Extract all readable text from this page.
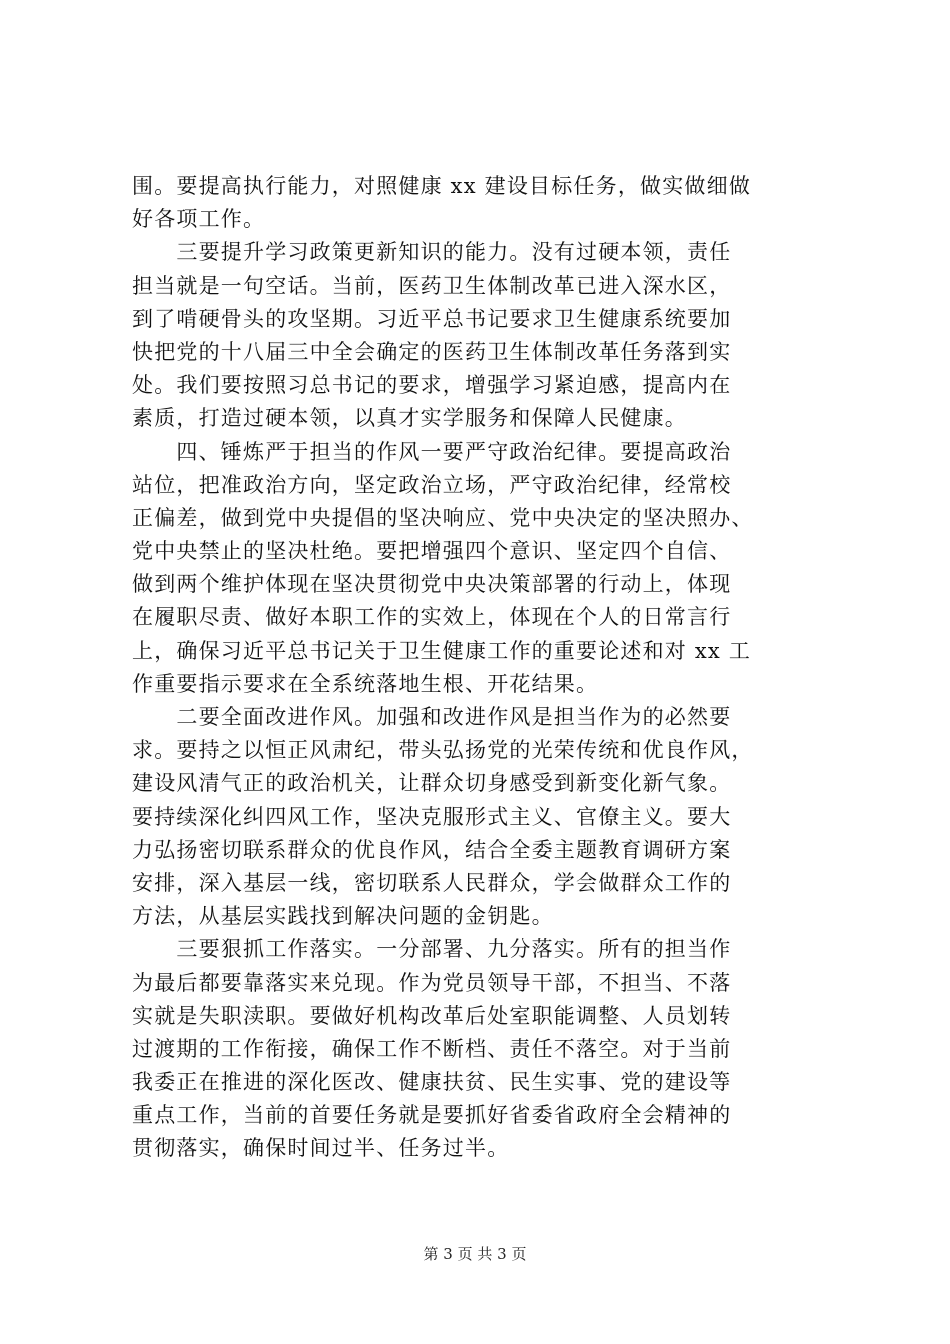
围。要提高执行能力，对照健康 xx 建设目标任务，做实做细做
好各项工作。
　　三要提升学习政策更新知识的能力。没有过硬本领，责任
担当就是一句空话。当前，医药卫生体制改革已进入深水区，
到了啃硬骨头的攻坚期。习近平总书记要求卫生健康系统要加
快把党的十八届三中全会确定的医药卫生体制改革任务落到实
处。我们要按照习总书记的要求，增强学习紧迫感，提高内在
素质，打造过硬本领，以真才实学服务和保障人民健康。
　　四、锤炼严于担当的作风一要严守政治纪律。要提高政治
站位，把准政治方向，坚定政治立场，严守政治纪律，经常校
正偏差，做到党中央提倡的坚决响应、党中央决定的坚决照办、
党中央禁止的坚决杜绝。要把增强四个意识、坚定四个自信、
做到两个维护体现在坚决贯彻党中央决策部署的行动上，体现
在履职尽责、做好本职工作的实效上，体现在个人的日常言行
上，确保习近平总书记关于卫生健康工作的重要论述和对 xx 工
作重要指示要求在全系统落地生根、开花结果。
　　二要全面改进作风。加强和改进作风是担当作为的必然要
求。要持之以恒正风肃纪，带头弘扬党的光荣传统和优良作风，
建设风清气正的政治机关，让群众切身感受到新变化新气象。
要持续深化纠四风工作，坚决克服形式主义、官僚主义。要大
力弘扬密切联系群众的优良作风，结合全委主题教育调研方案
安排，深入基层一线，密切联系人民群众，学会做群众工作的
方法，从基层实践找到解决问题的金钥匙。
　　三要狠抓工作落实。一分部署、九分落实。所有的担当作
为最后都要靠落实来兑现。作为党员领导干部，不担当、不落
实就是失职渎职。要做好机构改革后处室职能调整、人员划转
过渡期的工作衔接，确保工作不断档、责任不落空。对于当前
我委正在推进的深化医改、健康扶贫、民生实事、党的建设等
重点工作，当前的首要任务就是要抓好省委省政府全会精神的
贯彻落实，确保时间过半、任务过半。
第 3 页 共 3 页
